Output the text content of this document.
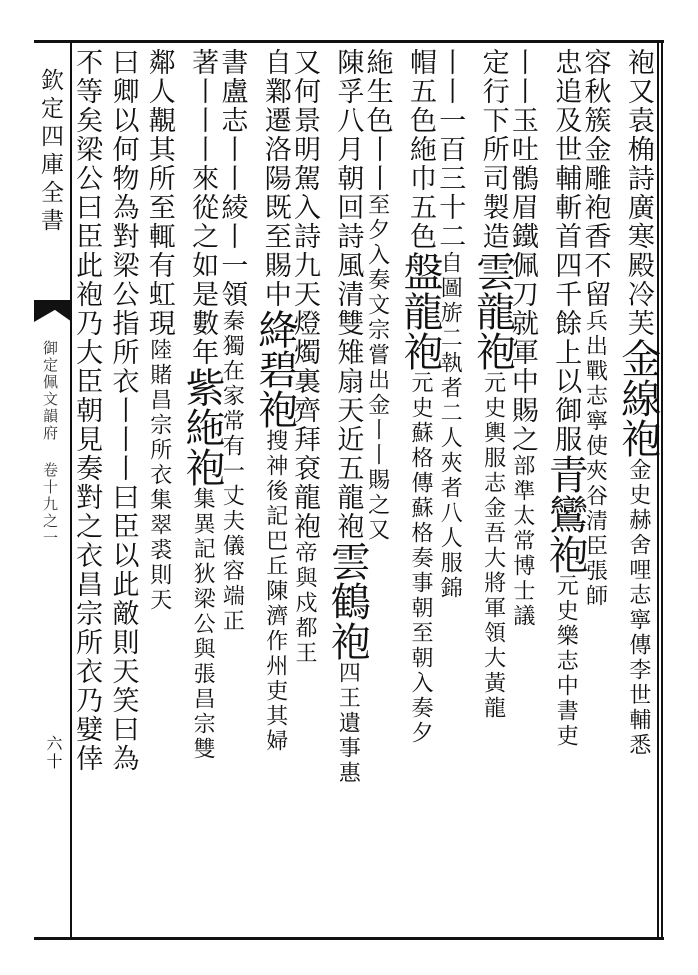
欽定四庫全書
御定佩文韻府 卷十九之一
六十
袍又袁桷詩廣寒殿冷芙金線袍金史赫舍哩志寧傳李世輔悉
容秋簇金雕袍香不留兵出戰志寧使夾谷清臣張師
忠追及世輔斬首四千餘上以御服青鸞袍元史樂志中書吏
丨丨玉吐鶻眉鐵佩刀就軍中賜之部準太常博士議
定行下所司製造雲龍袍元史輿服志金吾大將軍領大黃龍
丨丨一百三十二自圖旂二執者二人夾者八人服錦
帽五色絁巾五色盤龍袍元史蘇格傳蘇格奏事朝至朝入奏夕
絁生色丨丨至夕入奏文宗嘗出金丨丨賜之又
陳孚八月朝回詩風清雙雉扇天近五龍袍雲鶴袍四王遺事惠
又何景明駕入詩九天燈燭裏齊拜袞龍袍帝與戍都王
自鄴遷洛陽既至賜中絳碧袍搜神後記巴丘陳濟作州吏其婦
書盧志丨丨綾丨一領秦獨在家常有一丈夫儀容端正
著丨丨丨來從之如是數年紫絁袍集異記狄梁公與張昌宗雙
鄰人覯其所至輒有虹現陸賭昌宗所衣集翠裘則天
曰卿以何物為對梁公指所衣丨丨丨曰臣以此敵則天笑曰為
不等矣梁公曰臣此袍乃大臣朝見奏對之衣昌宗所衣乃嬖倖
